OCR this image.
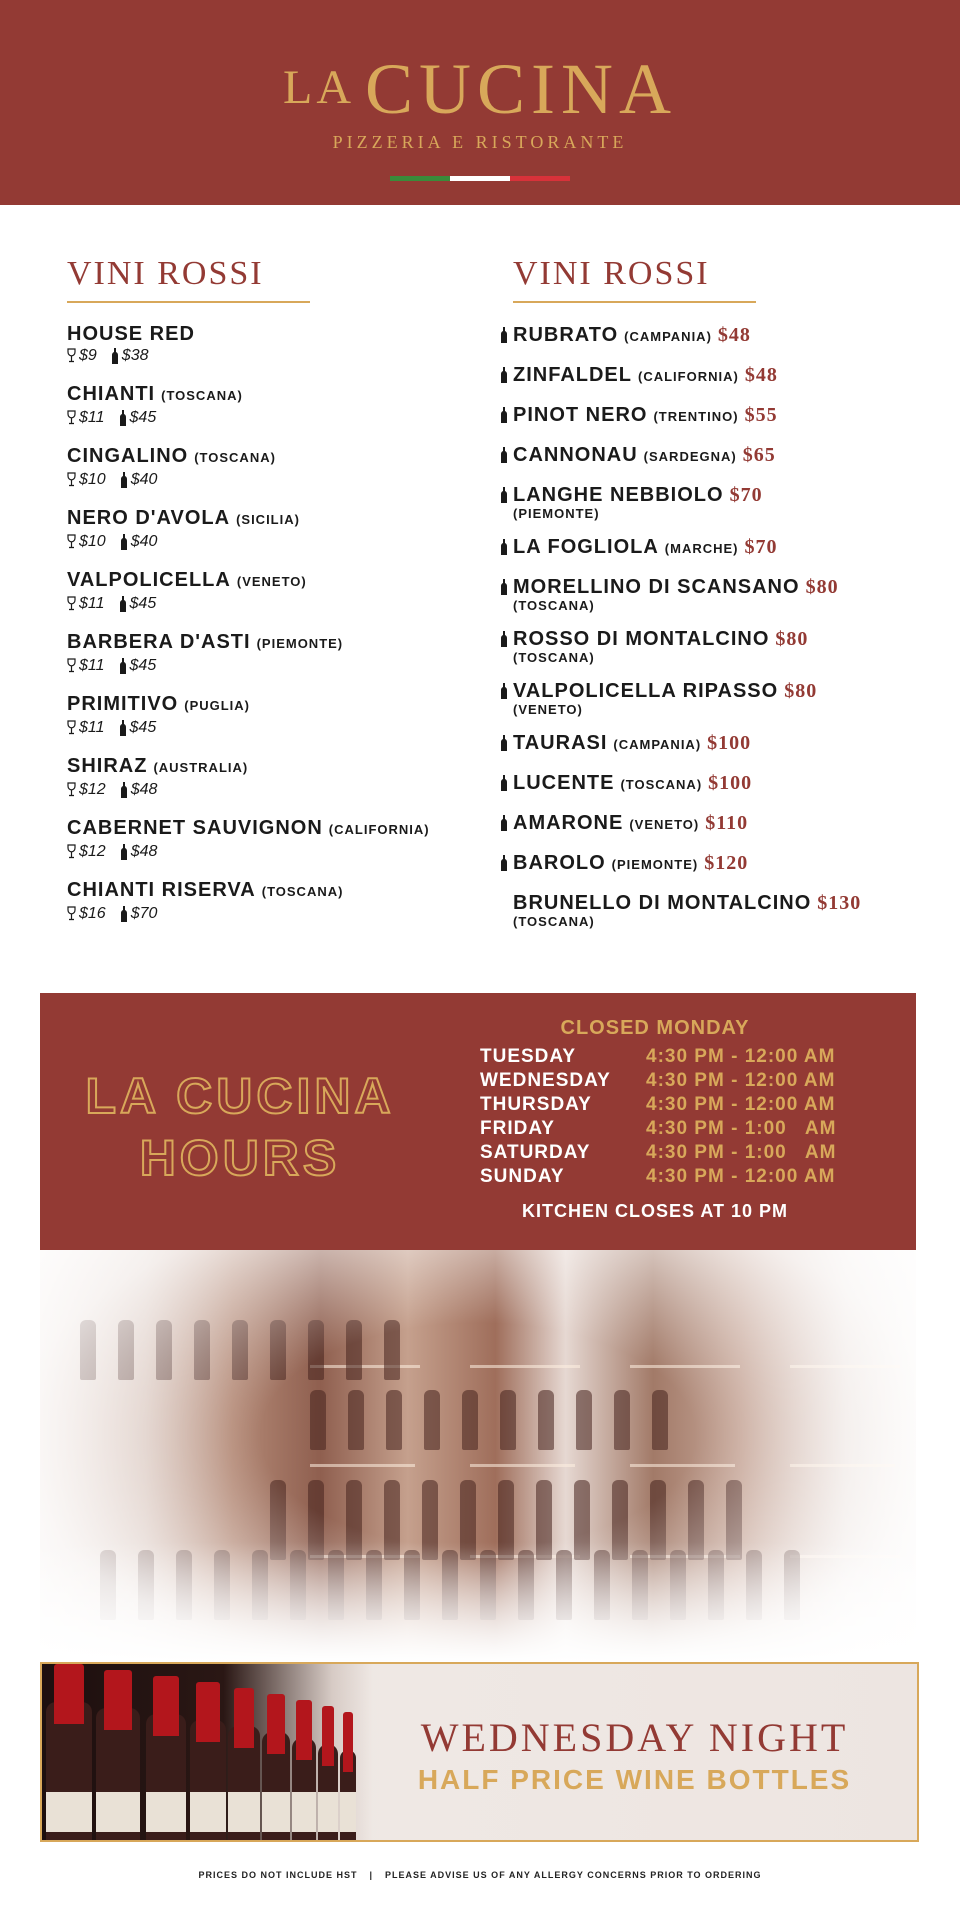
LA CUCINA
PIZZERIA E RISTORANTE
VINI ROSSI
HOUSE RED
$9 $38
CHIANTI (TOSCANA)
$11 $45
CINGALINO (TOSCANA)
$10 $40
NERO D'AVOLA (SICILIA)
$10 $40
VALPOLICELLA (VENETO)
$11 $45
BARBERA D'ASTI (PIEMONTE)
$11 $45
PRIMITIVO (PUGLIA)
$11 $45
SHIRAZ (AUSTRALIA)
$12 $48
CABERNET SAUVIGNON (CALIFORNIA)
$12 $48
CHIANTI RISERVA (TOSCANA)
$16 $70
VINI ROSSI
RUBRATO (CAMPANIA) $48
ZINFALDEL (CALIFORNIA) $48
PINOT NERO (TRENTINO) $55
CANNONAU (SARDEGNA) $65
LANGHE NEBBIOLO $70
(PIEMONTE)
LA FOGLIOLA (MARCHE) $70
MORELLINO DI SCANSANO $80
(TOSCANA)
ROSSO DI MONTALCINO $80
(TOSCANA)
VALPOLICELLA RIPASSO $80
(VENETO)
TAURASI (CAMPANIA) $100
LUCENTE (TOSCANA) $100
AMARONE (VENETO) $110
BAROLO (PIEMONTE) $120
BRUNELLO DI MONTALCINO $130
(TOSCANA)
LA CUCINA
HOURS
CLOSED MONDAY
TUESDAY	4:30 PM - 12:00 AM
WEDNESDAY	4:30 PM - 12:00 AM
THURSDAY	4:30 PM - 12:00 AM
FRIDAY	4:30 PM - 1:00   AM
SATURDAY	4:30 PM - 1:00   AM
SUNDAY	4:30 PM - 12:00 AM
KITCHEN CLOSES AT 10 PM
WEDNESDAY NIGHT
HALF PRICE WINE BOTTLES
PRICES DO NOT INCLUDE HST | PLEASE ADVISE US OF ANY ALLERGY CONCERNS PRIOR TO ORDERING
